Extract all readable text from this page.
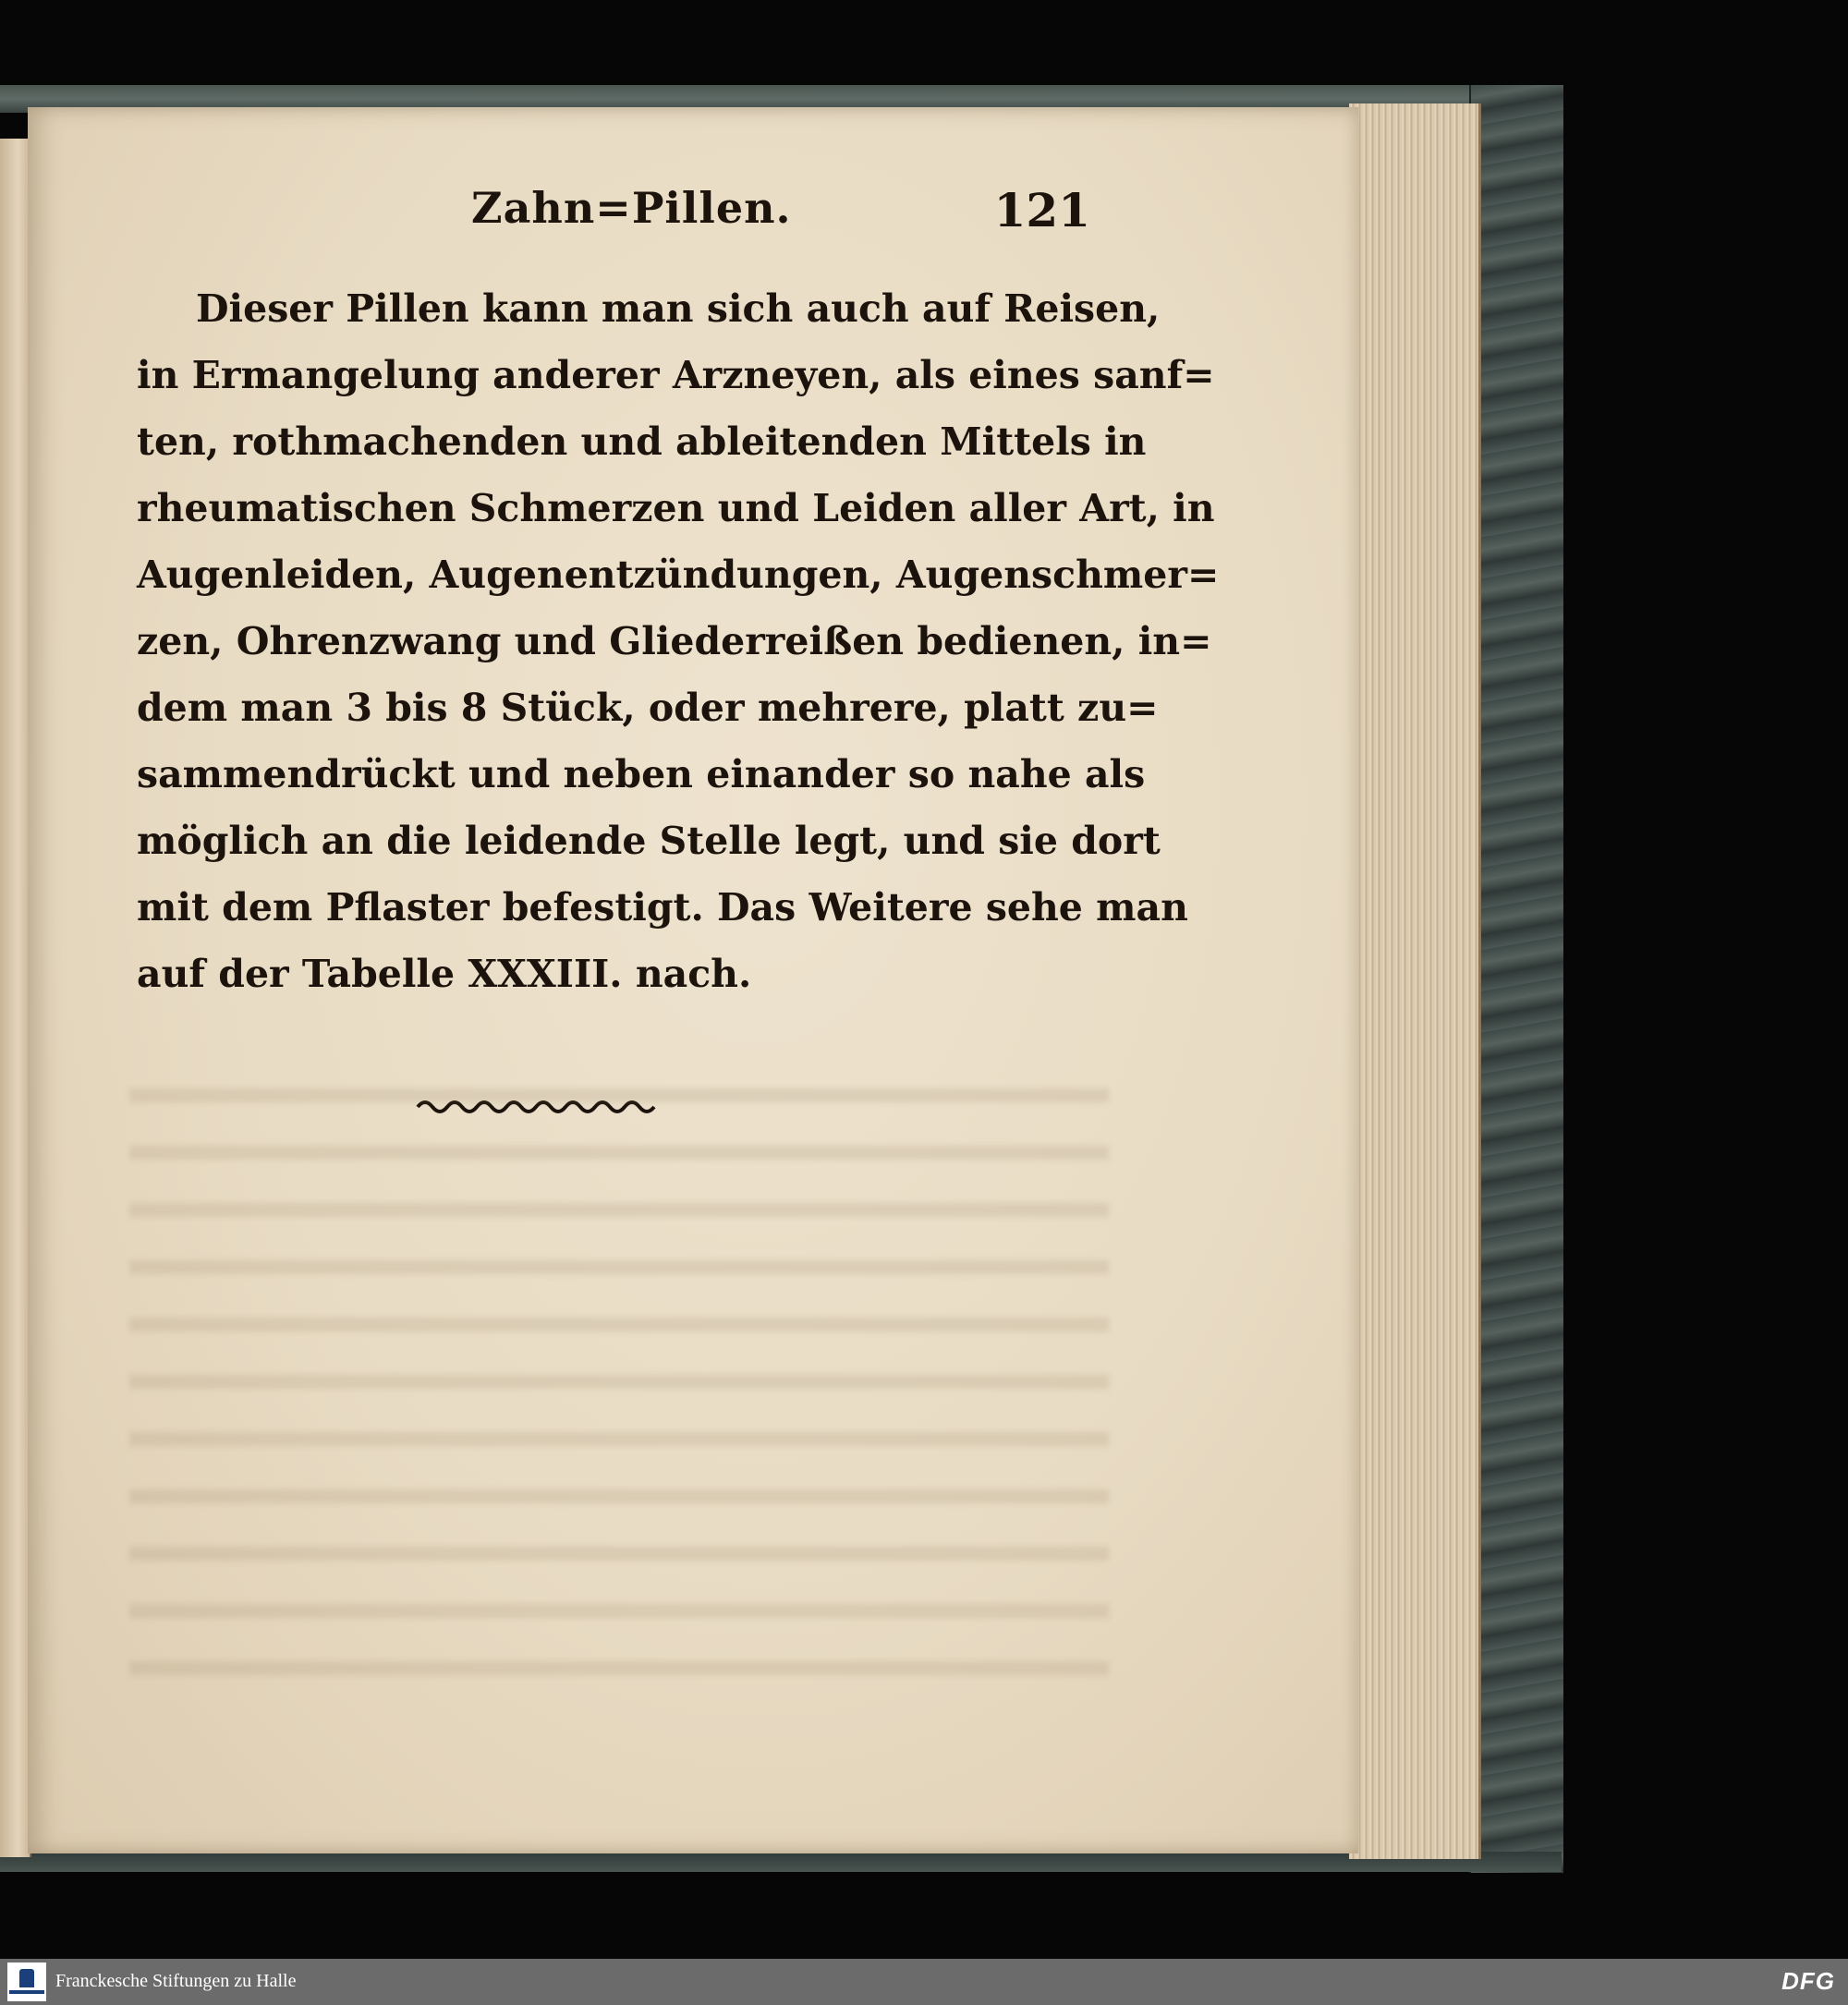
Zahn=Pillen.	121
Dieser Pillen kann man sich auch auf Reisen,
in Ermangelung anderer Arzneyen, als eines sanf=
ten, rothmachenden und ableitenden Mittels in
rheumatischen Schmerzen und Leiden aller Art, in
Augenleiden, Augenentzündungen, Augenschmer=
zen, Ohrenzwang und Gliederreißen bedienen, in=
dem man 3 bis 8 Stück, oder mehrere, platt zu=
sammendrückt und neben einander so nahe als
möglich an die leidende Stelle legt, und sie dort
mit dem Pflaster befestigt. Das Weitere sehe man
auf der Tabelle XXXIII. nach.
Franckesche Stiftungen zu Halle	DFG
